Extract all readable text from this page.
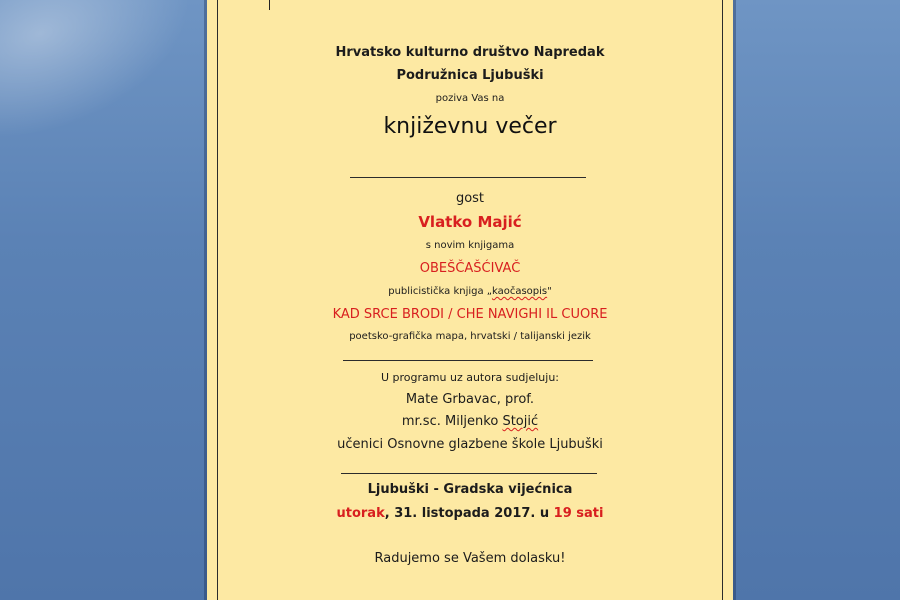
Hrvatsko kulturno društvo Napredak
Podružnica Ljubuški
poziva Vas na
književnu večer
gost
Vlatko Majić
s novim knjigama
OBEŠČAŠĆIVAČ
publicistička knjiga „kaočasopis"
KAD SRCE BRODI / CHE NAVIGHI IL CUORE
poetsko-grafička mapa, hrvatski / talijanski jezik
U programu uz autora sudjeluju:
Mate Grbavac, prof.
mr.sc. Miljenko Stojić
učenici Osnovne glazbene škole Ljubuški
Ljubuški - Gradska vijećnica
utorak, 31. listopada 2017. u 19 sati
Radujemo se Vašem dolasku!
